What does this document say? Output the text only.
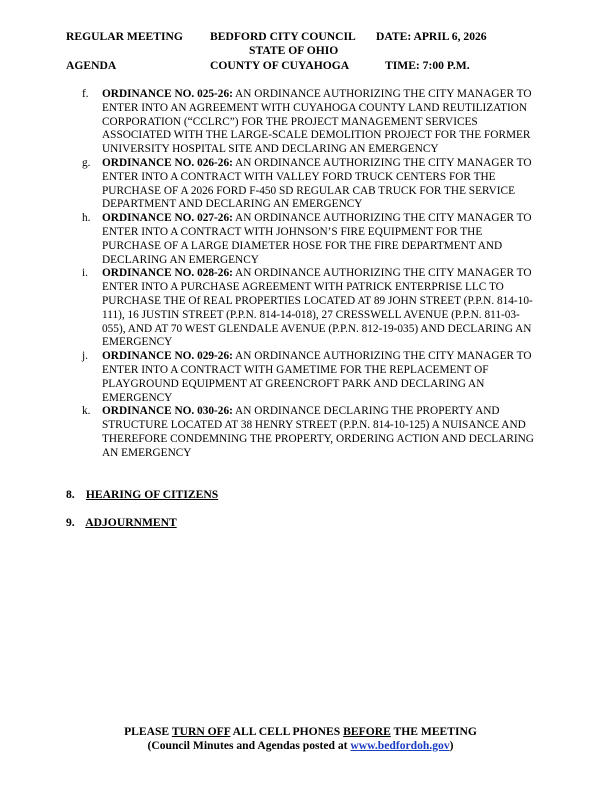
REGULAR MEETING BEDFORD CITY COUNCIL DATE: APRIL 6, 2026
STATE OF OHIO
AGENDA	COUNTY OF CUYAHOGA	TIME: 7:00 P.M.
f. ORDINANCE NO. 025-26: AN ORDINANCE AUTHORIZING THE CITY MANAGER TO ENTER INTO AN AGREEMENT WITH CUYAHOGA COUNTY LAND REUTILIZATION CORPORATION (“CCLRC”) FOR THE PROJECT MANAGEMENT SERVICES ASSOCIATED WITH THE LARGE-SCALE DEMOLITION PROJECT FOR THE FORMER UNIVERSITY HOSPITAL SITE AND DECLARING AN EMERGENCY
g. ORDINANCE NO. 026-26: AN ORDINANCE AUTHORIZING THE CITY MANAGER TO ENTER INTO A CONTRACT WITH VALLEY FORD TRUCK CENTERS FOR THE PURCHASE OF A 2026 FORD F-450 SD REGULAR CAB TRUCK FOR THE SERVICE DEPARTMENT AND DECLARING AN EMERGENCY
h. ORDINANCE NO. 027-26: AN ORDINANCE AUTHORIZING THE CITY MANAGER TO ENTER INTO A CONTRACT WITH JOHNSON’S FIRE EQUIPMENT FOR THE PURCHASE OF A LARGE DIAMETER HOSE FOR THE FIRE DEPARTMENT AND DECLARING AN EMERGENCY
i. ORDINANCE NO. 028-26: AN ORDINANCE AUTHORIZING THE CITY MANAGER TO ENTER INTO A PURCHASE AGREEMENT WITH PATRICK ENTERPRISE LLC TO PURCHASE THE Of REAL PROPERTIES LOCATED AT 89 JOHN STREET (P.P.N. 814-10-111), 16 JUSTIN STREET (P.P.N. 814-14-018), 27 CRESSWELL AVENUE (P.P.N. 811-03-055), AND AT 70 WEST GLENDALE AVENUE (P.P.N. 812-19-035) AND DECLARING AN EMERGENCY
j. ORDINANCE NO. 029-26: AN ORDINANCE AUTHORIZING THE CITY MANAGER TO ENTER INTO A CONTRACT WITH GAMETIME FOR THE REPLACEMENT OF PLAYGROUND EQUIPMENT AT GREENCROFT PARK AND DECLARING AN EMERGENCY
k. ORDINANCE NO. 030-26: AN ORDINANCE DECLARING THE PROPERTY AND STRUCTURE LOCATED AT 38 HENRY STREET (P.P.N. 814-10-125) A NUISANCE AND THEREFORE CONDEMNING THE PROPERTY, ORDERING ACTION AND DECLARING AN EMERGENCY
8. HEARING OF CITIZENS
9. ADJOURNMENT
PLEASE TURN OFF ALL CELL PHONES BEFORE THE MEETING
(Council Minutes and Agendas posted at www.bedfordoh.gov)
